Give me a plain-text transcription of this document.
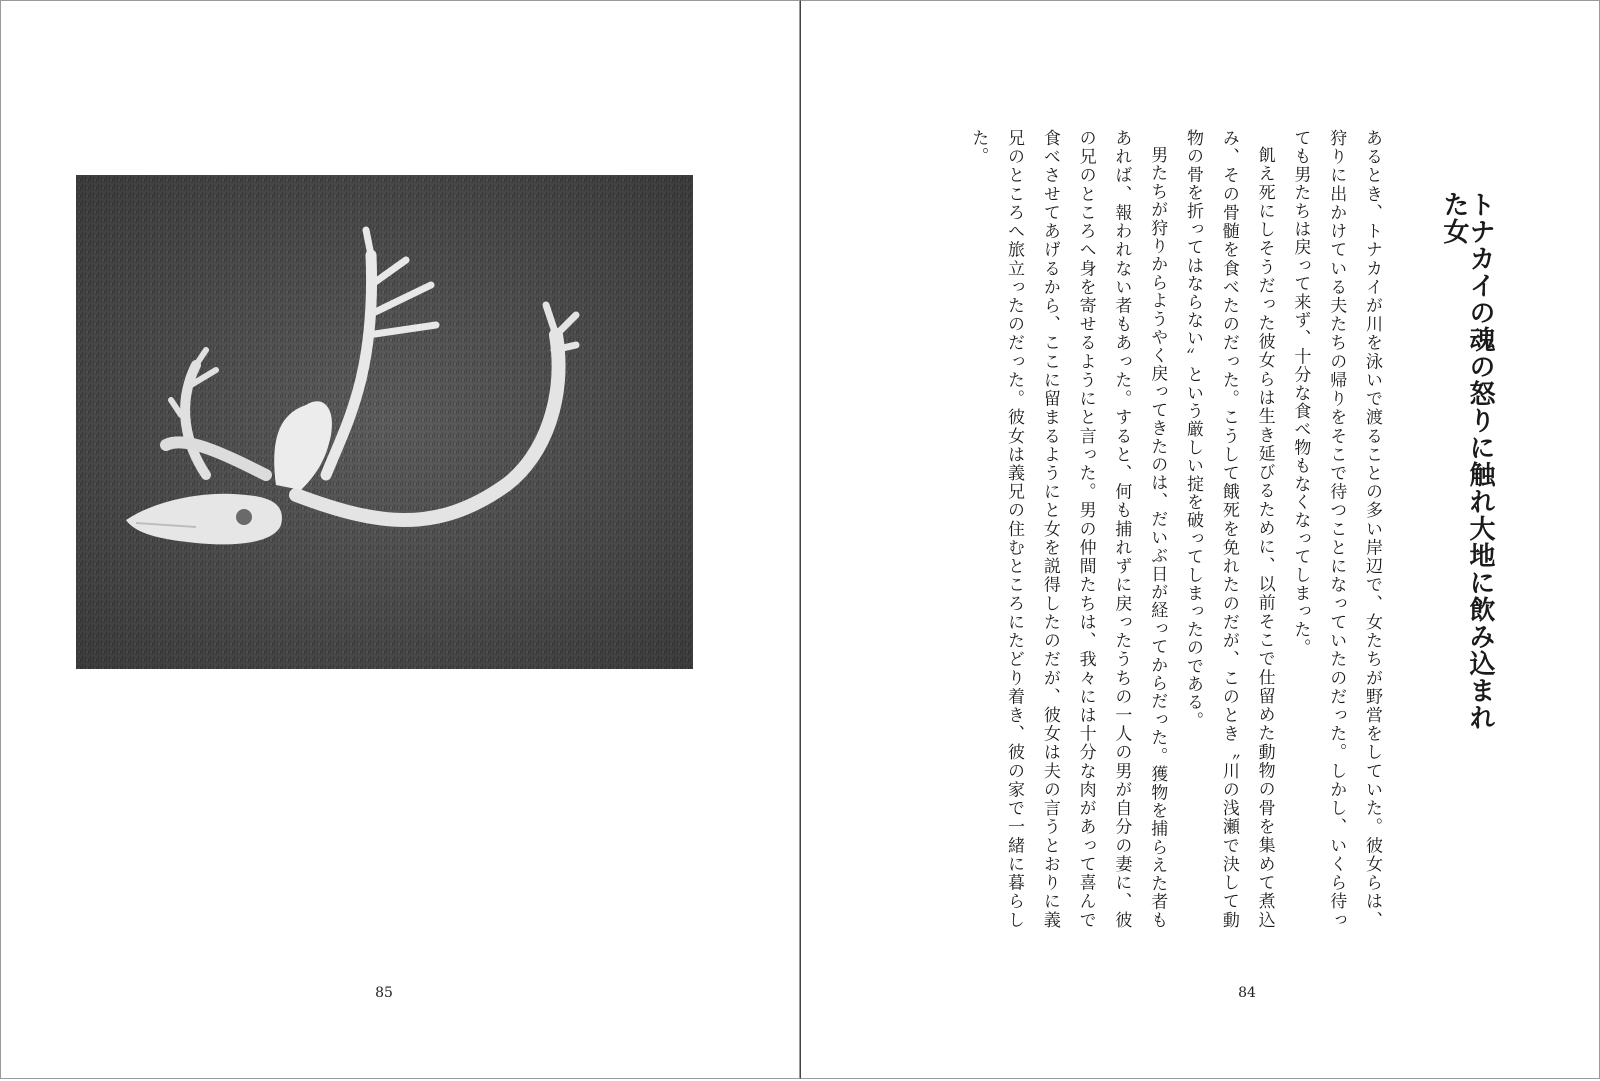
85
トナカイの魂の怒りに触れ大地に飲み込まれた女

あるとき、トナカイが川を泳いで渡ることの多い岸辺で、女たちが野営をしていた。彼女らは、狩りに出かけている夫たちの帰りをそこで待つことになっていたのだった。しかし、いくら待っても男たちは戻って来ず、十分な食べ物もなくなってしまった。

飢え死にしそうだった彼女らは生き延びるために、以前そこで仕留めた動物の骨を集めて煮込み、その骨髄を食べたのだった。こうして餓死を免れたのだが、このとき〝川の浅瀬で決して動物の骨を折ってはならない〟という厳しい掟を破ってしまったのである。

男たちが狩りからようやく戻ってきたのは、だいぶ日が経ってからだった。獲物を捕らえた者もあれば、報われない者もあった。すると、何も捕れずに戻ったうちの一人の男が自分の妻に、彼の兄のところへ身を寄せるようにと言った。男の仲間たちは、我々には十分な肉があって喜んで食べさせてあげるから、ここに留まるようにと女を説得したのだが、彼女は夫の言うとおりに義兄のところへ旅立ったのだった。彼女は義兄の住むところにたどり着き、彼の家で一緒に暮らした。

84
